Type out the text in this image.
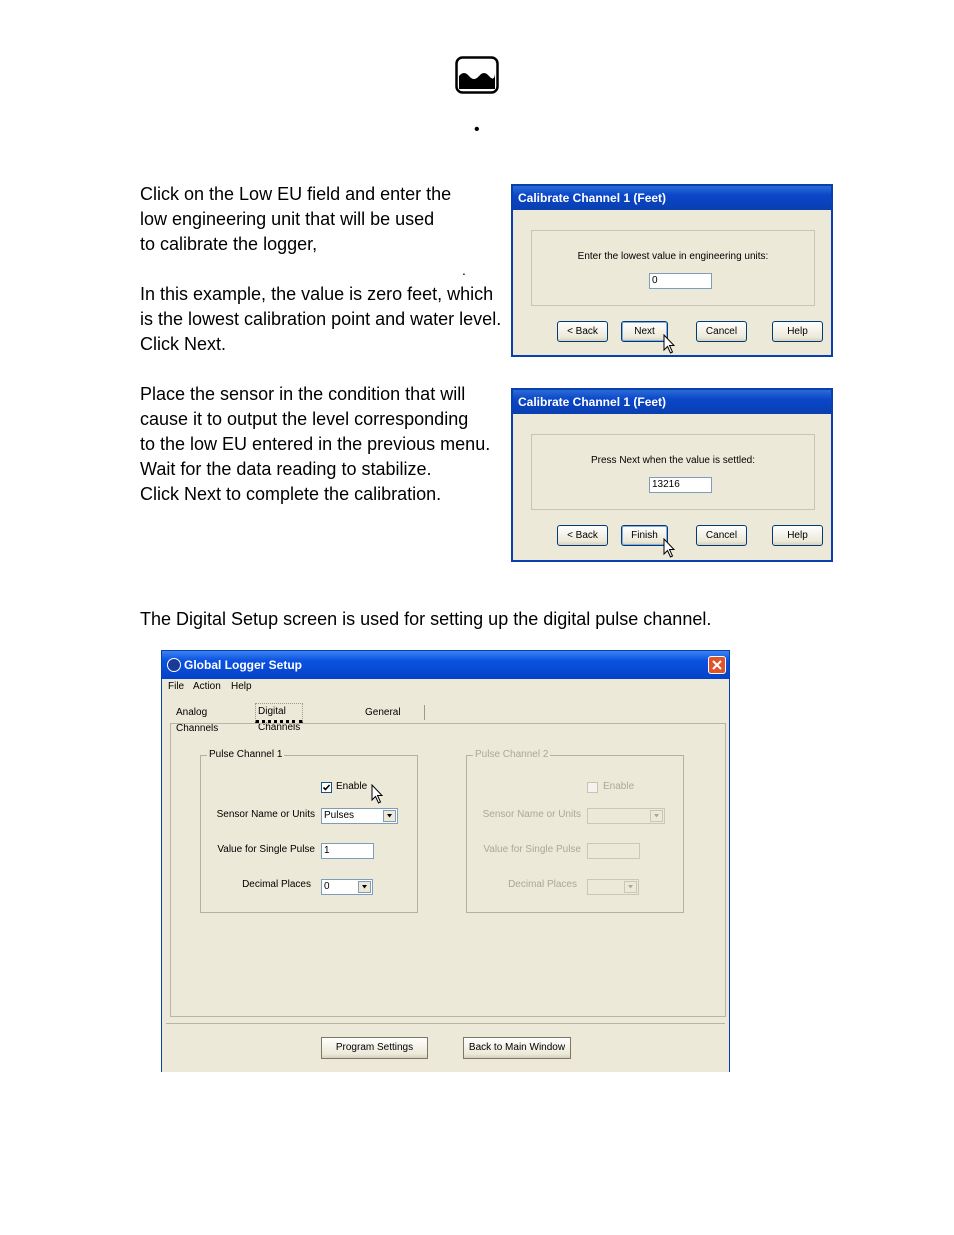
•
Click on the Low EU field and enter the
low engineering unit that will be used
to calibrate the logger,
.
In this example, the value is zero feet, which
is the lowest calibration point and water level.
Click Next.
Place the sensor in the condition that will
cause it to output the level corresponding
to the low EU entered in the previous menu.
Wait for the data reading to stabilize.
Click Next to complete the calibration.
The Digital Setup screen is used for setting up the digital pulse channel.
Calibrate Channel 1 (Feet)
Enter the lowest value in engineering units:
0
< Back	Next	Cancel	Help
Calibrate Channel 1 (Feet)
Press Next when the value is settled:
13216
< Back	Finish	Cancel	Help
Global Logger Setup
File Action Help
Analog Channels
Digital Channels
General
Pulse Channel 1
Enable
Sensor Name or Units Pulses
Value for Single Pulse 1
Decimal Places	0
Pulse Channel 2
Enable
Sensor Name or Units
Value for Single Pulse
Decimal Places
Program Settings	Back to Main Window
